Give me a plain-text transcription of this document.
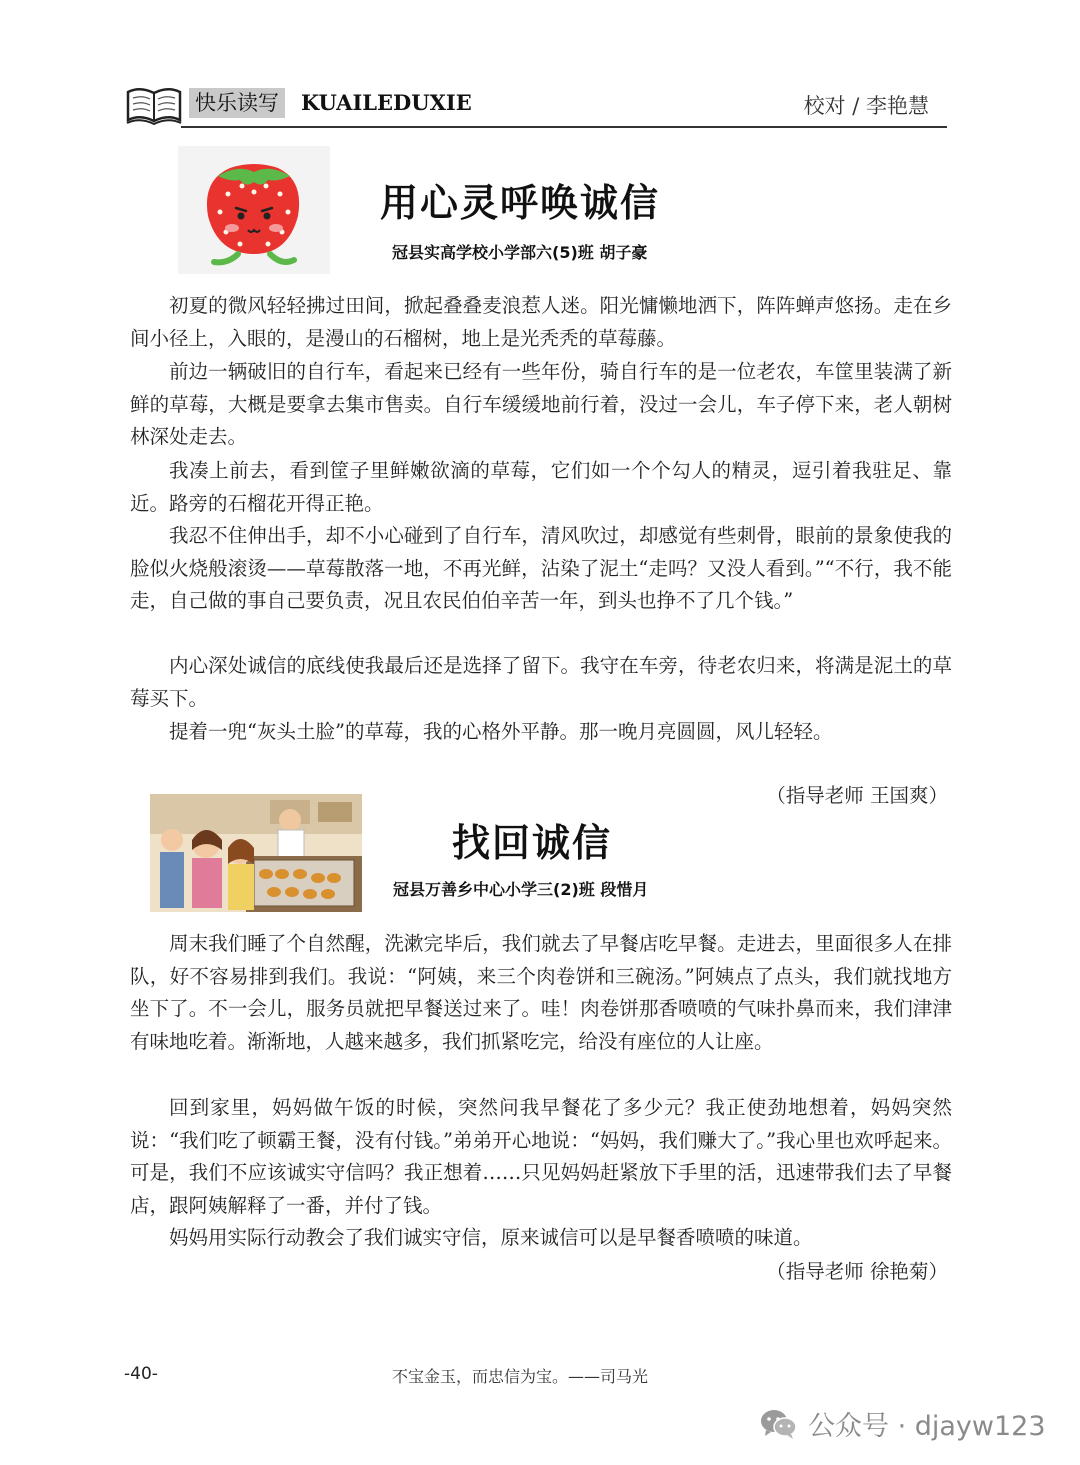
快乐读写 KUAILEDUXIE	校对 / 李艳慧
用心灵呼唤诚信
冠县实高学校小学部六(5)班 胡子豪

初夏的微风轻轻拂过田间，掀起叠叠麦浪惹人迷。阳光慵懒地洒下，阵阵蝉声悠扬。走在乡间小径上，入眼的，是漫山的石榴树，地上是光秃秃的草莓藤。

前边一辆破旧的自行车，看起来已经有一些年份，骑自行车的是一位老农，车筐里装满了新鲜的草莓，大概是要拿去集市售卖。自行车缓缓地前行着，没过一会儿，车子停下来，老人朝树林深处走去。

我凑上前去，看到筐子里鲜嫩欲滴的草莓，它们如一个个勾人的精灵，逗引着我驻足、靠近。路旁的石榴花开得正艳。

我忍不住伸出手，却不小心碰到了自行车，清风吹过，却感觉有些刺骨，眼前的景象使我的脸似火烧般滚烫——草莓散落一地，不再光鲜，沾染了泥土“走吗？又没人看到。”“不行，我不能走，自己做的事自己要负责，况且农民伯伯辛苦一年，到头也挣不了几个钱。”

内心深处诚信的底线使我最后还是选择了留下。我守在车旁，待老农归来，将满是泥土的草莓买下。

提着一兜“灰头土脸”的草莓，我的心格外平静。那一晚月亮圆圆，风儿轻轻。

（指导老师 王国爽）
找回诚信
冠县万善乡中心小学三(2)班 段惜月

周末我们睡了个自然醒，洗漱完毕后，我们就去了早餐店吃早餐。走进去，里面很多人在排队，好不容易排到我们。我说：“阿姨，来三个肉卷饼和三碗汤。”阿姨点了点头，我们就找地方坐下了。不一会儿，服务员就把早餐送过来了。哇！肉卷饼那香喷喷的气味扑鼻而来，我们津津有味地吃着。渐渐地，人越来越多，我们抓紧吃完，给没有座位的人让座。

回到家里，妈妈做午饭的时候，突然问我早餐花了多少元？我正使劲地想着，妈妈突然说：“我们吃了顿霸王餐，没有付钱。”弟弟开心地说：“妈妈，我们赚大了。”我心里也欢呼起来。可是，我们不应该诚实守信吗？我正想着……只见妈妈赶紧放下手里的活，迅速带我们去了早餐店，跟阿姨解释了一番，并付了钱。

妈妈用实际行动教会了我们诚实守信，原来诚信可以是早餐香喷喷的味道。

（指导老师 徐艳菊）
-40-	不宝金玉，而忠信为宝。——司马光
公众号 · djayw123
